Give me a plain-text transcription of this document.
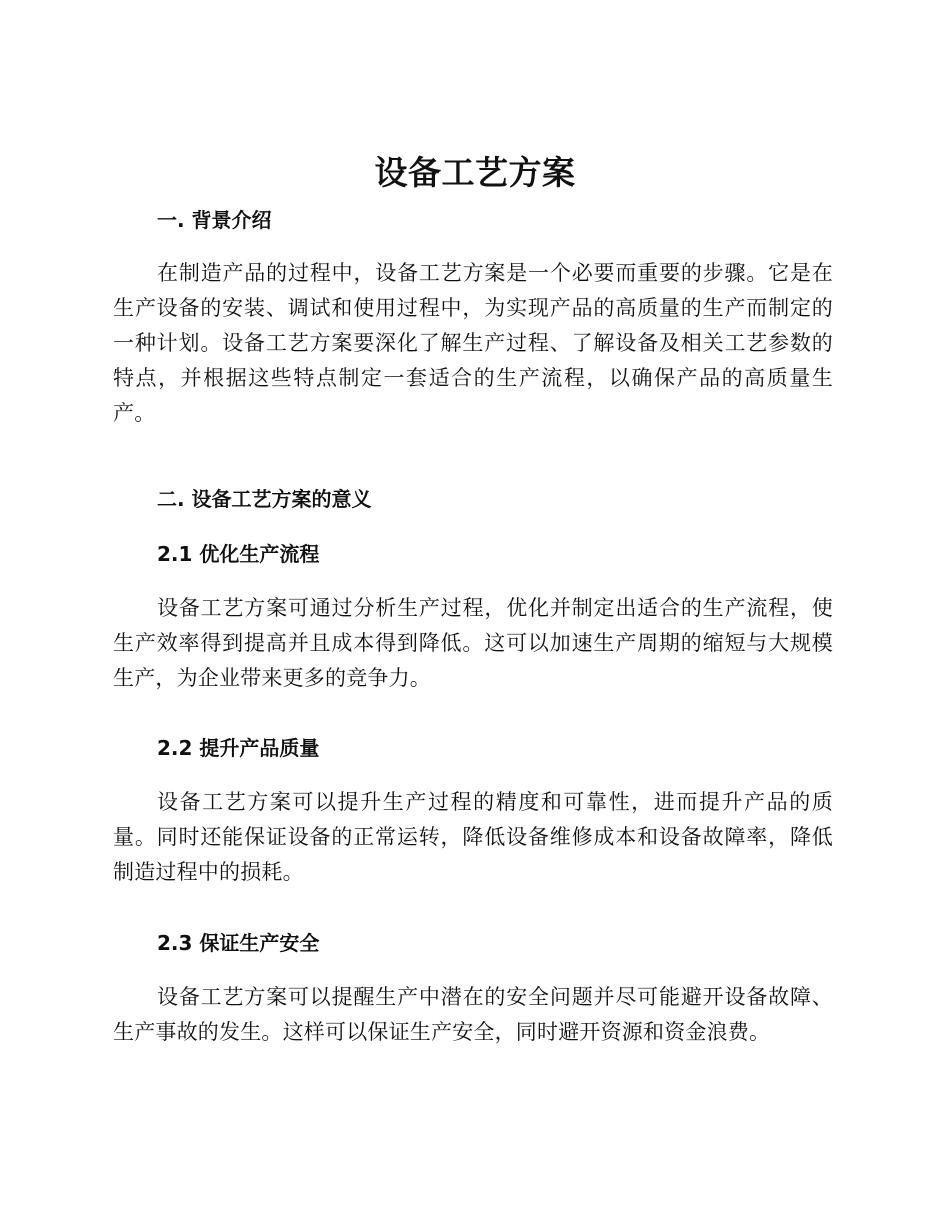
设备工艺方案
一. 背景介绍
在制造产品的过程中，设备工艺方案是一个必要而重要的步骤。它是在生产设备的安装、调试和使用过程中，为实现产品的高质量的生产而制定的一种计划。设备工艺方案要深化了解生产过程、了解设备及相关工艺参数的特点，并根据这些特点制定一套适合的生产流程，以确保产品的高质量生产。
二. 设备工艺方案的意义
2.1 优化生产流程
设备工艺方案可通过分析生产过程，优化并制定出适合的生产流程，使生产效率得到提高并且成本得到降低。这可以加速生产周期的缩短与大规模生产，为企业带来更多的竞争力。
2.2 提升产品质量
设备工艺方案可以提升生产过程的精度和可靠性，进而提升产品的质量。同时还能保证设备的正常运转，降低设备维修成本和设备故障率，降低制造过程中的损耗。
2.3 保证生产安全
设备工艺方案可以提醒生产中潜在的安全问题并尽可能避开设备故障、生产事故的发生。这样可以保证生产安全，同时避开资源和资金浪费。
